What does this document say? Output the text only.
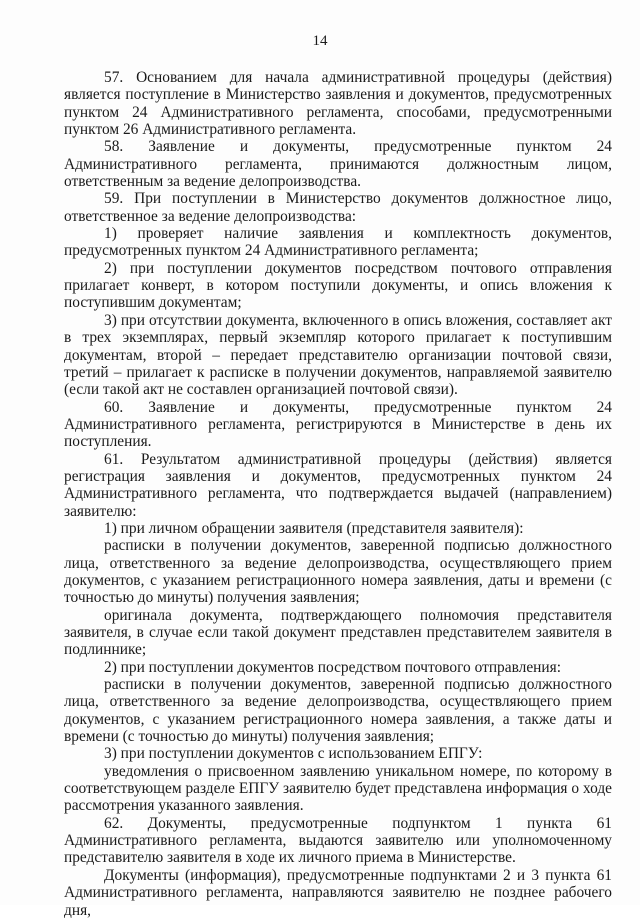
14

57. Основанием для начала административной процедуры (действия) является поступление в Министерство заявления и документов, предусмотренных пунктом 24 Административного регламента, способами, предусмотренными пунктом 26 Административного регламента.

58. Заявление и документы, предусмотренные пунктом 24 Административного регламента, принимаются должностным лицом, ответственным за ведение делопроизводства.

59. При поступлении в Министерство документов должностное лицо, ответственное за ведение делопроизводства:

1) проверяет наличие заявления и комплектность документов, предусмотренных пунктом 24 Административного регламента;

2) при поступлении документов посредством почтового отправления прилагает конверт, в котором поступили документы, и опись вложения к поступившим документам;

3) при отсутствии документа, включенного в опись вложения, составляет акт в трех экземплярах, первый экземпляр которого прилагает к поступившим документам, второй – передает представителю организации почтовой связи, третий – прилагает к расписке в получении документов, направляемой заявителю (если такой акт не составлен организацией почтовой связи).

60. Заявление и документы, предусмотренные пунктом 24 Административного регламента, регистрируются в Министерстве в день их поступления.

61. Результатом административной процедуры (действия) является регистрация заявления и документов, предусмотренных пунктом 24 Административного регламента, что подтверждается выдачей (направлением) заявителю:

1) при личном обращении заявителя (представителя заявителя):

расписки в получении документов, заверенной подписью должностного лица, ответственного за ведение делопроизводства, осуществляющего прием документов, с указанием регистрационного номера заявления, даты и времени (с точностью до минуты) получения заявления;

оригинала документа, подтверждающего полномочия представителя заявителя, в случае если такой документ представлен представителем заявителя в подлиннике;

2) при поступлении документов посредством почтового отправления:

расписки в получении документов, заверенной подписью должностного лица, ответственного за ведение делопроизводства, осуществляющего прием документов, с указанием регистрационного номера заявления, а также даты и времени (с точностью до минуты) получения заявления;

3) при поступлении документов с использованием ЕПГУ:

уведомления о присвоенном заявлению уникальном номере, по которому в соответствующем разделе ЕПГУ заявителю будет представлена информация о ходе рассмотрения указанного заявления.

62. Документы, предусмотренные подпунктом 1 пункта 61 Административного регламента, выдаются заявителю или уполномоченному представителю заявителя в ходе их личного приема в Министерстве.

Документы (информация), предусмотренные подпунктами 2 и 3 пункта 61 Административного регламента, направляются заявителю не позднее рабочего дня,
